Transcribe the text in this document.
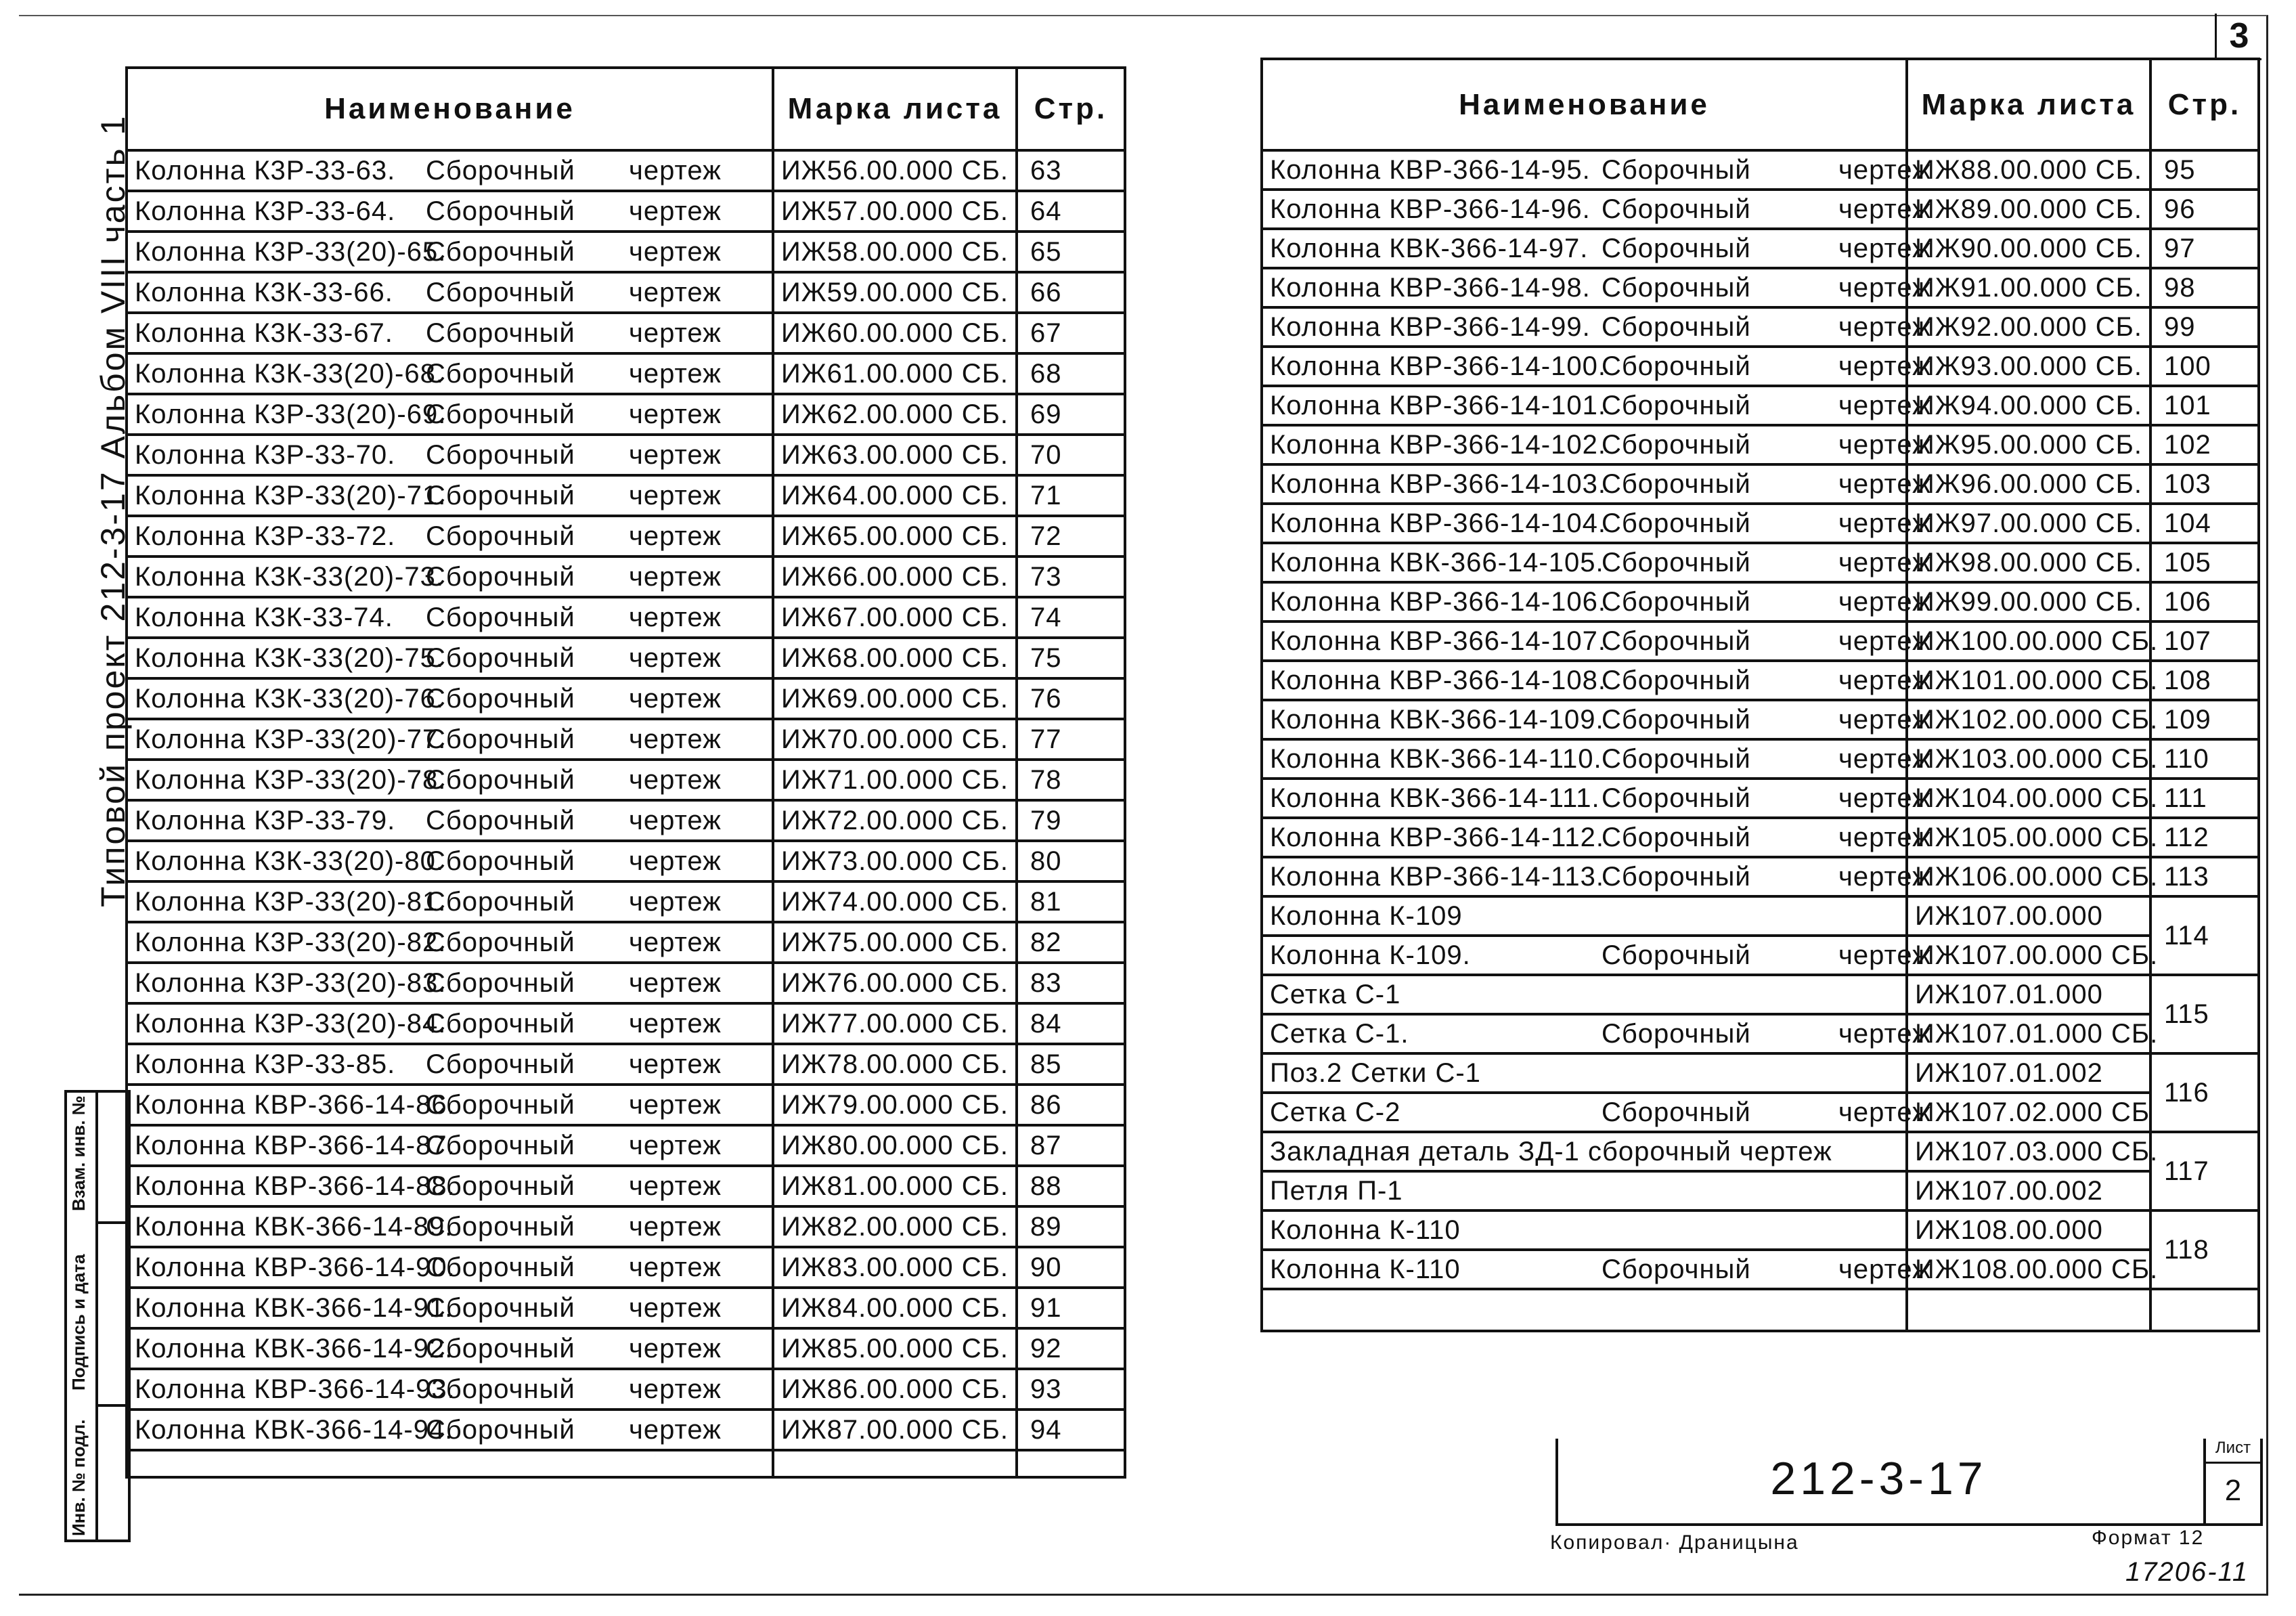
3
Типовой проект 212-3-17 Альбом VIII часть 1
Инв. № подл.
Подпись и дата
Взам. инв. №
Наименование	Марка листа	Стр.
Колонна К3Р-33-63. Сборочный чертеж	ИЖ56.00.000 СБ.	63
Колонна К3Р-33-64. Сборочный чертеж	ИЖ57.00.000 СБ.	64
Колонна К3Р-33(20)-65.Сборочный чертеж	ИЖ58.00.000 СБ.	65
Колонна К3К-33-66. Сборочный чертеж	ИЖ59.00.000 СБ.	66
Колонна К3К-33-67. Сборочный чертеж	ИЖ60.00.000 СБ.	67
Колонна К3К-33(20)-68.Сборочный чертеж	ИЖ61.00.000 СБ.	68
Колонна К3Р-33(20)-69.Сборочный чертеж	ИЖ62.00.000 СБ.	69
Колонна К3Р-33-70. Сборочный чертеж	ИЖ63.00.000 СБ.	70
Колонна К3Р-33(20)-71.Сборочный чертеж	ИЖ64.00.000 СБ.	71
Колонна К3Р-33-72. Сборочный чертеж	ИЖ65.00.000 СБ.	72
Колонна К3К-33(20)-73.Сборочный чертеж	ИЖ66.00.000 СБ.	73
Колонна К3К-33-74. Сборочный чертеж	ИЖ67.00.000 СБ.	74
Колонна К3К-33(20)-75.Сборочный чертеж	ИЖ68.00.000 СБ.	75
Колонна К3К-33(20)-76.Сборочный чертеж	ИЖ69.00.000 СБ.	76
Колонна К3Р-33(20)-77.Сборочный чертеж	ИЖ70.00.000 СБ.	77
Колонна К3Р-33(20)-78.Сборочный чертеж	ИЖ71.00.000 СБ.	78
Колонна К3Р-33-79. Сборочный чертеж	ИЖ72.00.000 СБ.	79
Колонна К3К-33(20)-80.Сборочный чертеж	ИЖ73.00.000 СБ.	80
Колонна К3Р-33(20)-81.Сборочный чертеж	ИЖ74.00.000 СБ.	81
Колонна К3Р-33(20)-82.Сборочный чертеж	ИЖ75.00.000 СБ.	82
Колонна К3Р-33(20)-83.Сборочный чертеж	ИЖ76.00.000 СБ.	83
Колонна К3Р-33(20)-84.Сборочный чертеж	ИЖ77.00.000 СБ.	84
Колонна К3Р-33-85. Сборочный чертеж	ИЖ78.00.000 СБ.	85
Колонна КВР-366-14-86.Сборочный чертеж	ИЖ79.00.000 СБ.	86
Колонна КВР-366-14-87.Сборочный чертеж	ИЖ80.00.000 СБ.	87
Колонна КВР-366-14-88.Сборочный чертеж	ИЖ81.00.000 СБ.	88
Колонна КВК-366-14-89.Сборочный чертеж	ИЖ82.00.000 СБ.	89
Колонна КВР-366-14-90.Сборочный чертеж	ИЖ83.00.000 СБ.	90
Колонна КВК-366-14-91.Сборочный чертеж	ИЖ84.00.000 СБ.	91
Колонна КВК-366-14-92.Сборочный чертеж	ИЖ85.00.000 СБ.	92
Колонна КВР-366-14-93.Сборочный чертеж	ИЖ86.00.000 СБ.	93
Колонна КВК-366-14-94.Сборочный чертеж	ИЖ87.00.000 СБ.	94

Наименование	Марка листа	Стр.
Колонна КВР-366-14-95. Сборочный чертеж	ИЖ88.00.000 СБ.	95
Колонна КВР-366-14-96. Сборочный чертеж	ИЖ89.00.000 СБ.	96
Колонна КВК-366-14-97. Сборочный чертеж	ИЖ90.00.000 СБ.	97
Колонна КВР-366-14-98. Сборочный чертеж	ИЖ91.00.000 СБ.	98
Колонна КВР-366-14-99. Сборочный чертеж	ИЖ92.00.000 СБ.	99
Колонна КВР-366-14-100.Сборочный чертеж	ИЖ93.00.000 СБ.	100
Колонна КВР-366-14-101.Сборочный чертеж	ИЖ94.00.000 СБ.	101
Колонна КВР-366-14-102.Сборочный чертеж	ИЖ95.00.000 СБ.	102
Колонна КВР-366-14-103.Сборочный чертеж	ИЖ96.00.000 СБ.	103
Колонна КВР-366-14-104.Сборочный чертеж	ИЖ97.00.000 СБ.	104
Колонна КВК-366-14-105.Сборочный чертеж	ИЖ98.00.000 СБ.	105
Колонна КВР-366-14-106.Сборочный чертеж	ИЖ99.00.000 СБ.	106
Колонна КВР-366-14-107.Сборочный чертеж	ИЖ100.00.000 СБ.	107
Колонна КВР-366-14-108.Сборочный чертеж	ИЖ101.00.000 СБ.	108
Колонна КВК-366-14-109.Сборочный чертеж	ИЖ102.00.000 СБ.	109
Колонна КВК-366-14-110.Сборочный чертеж	ИЖ103.00.000 СБ.	110
Колонна КВК-366-14-111.Сборочный чертеж	ИЖ104.00.000 СБ.	111
Колонна КВР-366-14-112.Сборочный чертеж	ИЖ105.00.000 СБ.	112
Колонна КВР-366-14-113.Сборочный чертеж	ИЖ106.00.000 СБ.	113
Колонна К-109	ИЖ107.00.000	114
Колонна К-109. Сборочный чертеж	ИЖ107.00.000 СБ.	
Сетка С-1	ИЖ107.01.000	115
Сетка С-1. Сборочный чертеж	ИЖ107.01.000 СБ.	
Поз.2 Сетки С-1	ИЖ107.01.002	116
Сетка С-2 Сборочный чертеж	ИЖ107.02.000 СБ	
Закладная деталь ЗД-1 сборочный чертеж	ИЖ107.03.000 СБ.	117
Петля П-1	ИЖ107.00.002	
Колонна К-110	ИЖ108.00.000	118
Колонна К-110 Сборочный чертеж	ИЖ108.00.000 СБ.	

212-3-17
Лист
2
Копировал· Драницына	Формат 12
17206-11
